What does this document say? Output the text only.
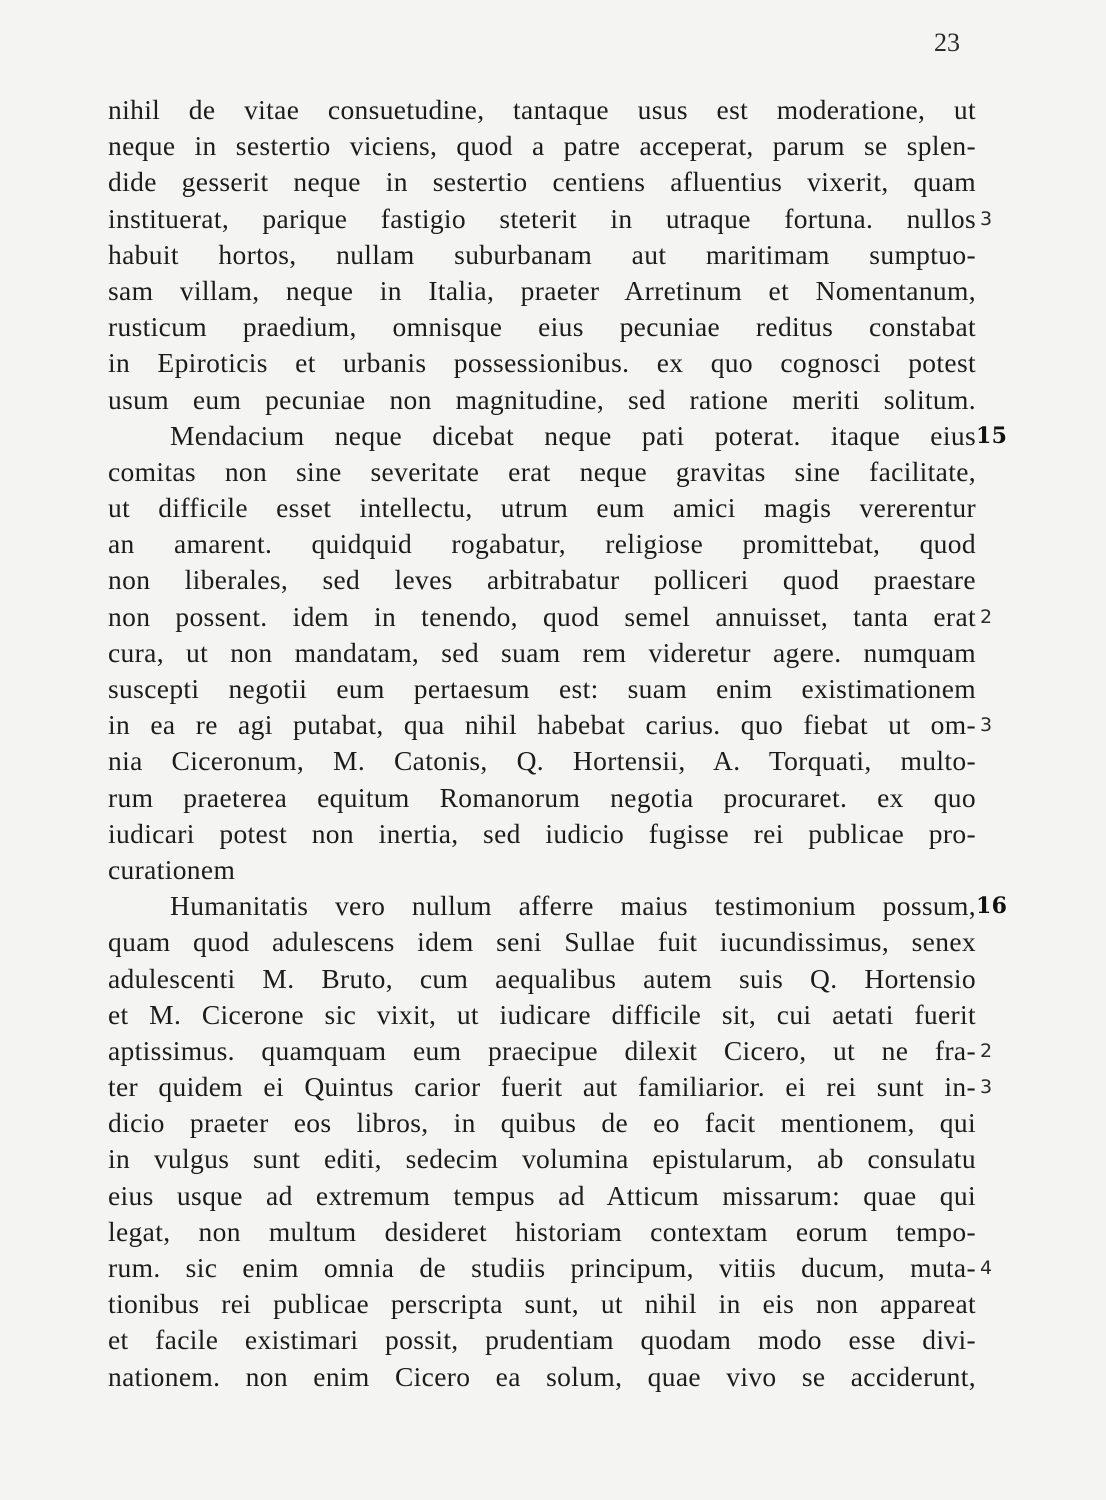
23
nihil de vitae consuetudine, tantaque usus est moderatione, ut
neque in sestertio viciens, quod a patre acceperat, parum se splen-
dide gesserit neque in sestertio centiens afluentius vixerit, quam
instituerat, parique fastigio steterit in utraque fortuna. nullos 3
habuit hortos, nullam suburbanam aut maritimam sumptuo-
sam villam, neque in Italia, praeter Arretinum et Nomentanum,
rusticum praedium, omnisque eius pecuniae reditus constabat
in Epiroticis et urbanis possessionibus. ex quo cognosci potest
usum eum pecuniae non magnitudine, sed ratione meriti solitum.
Mendacium neque dicebat neque pati poterat. itaque eius 15
comitas non sine severitate erat neque gravitas sine facilitate,
ut difficile esset intellectu, utrum eum amici magis vererentur
an amarent. quidquid rogabatur, religiose promittebat, quod
non liberales, sed leves arbitrabatur polliceri quod praestare
non possent. idem in tenendo, quod semel annuisset, tanta erat 2
cura, ut non mandatam, sed suam rem videretur agere. numquam
suscepti negotii eum pertaesum est: suam enim existimationem
in ea re agi putabat, qua nihil habebat carius. quo fiebat ut om- 3
nia Ciceronum, M. Catonis, Q. Hortensii, A. Torquati, multo-
rum praeterea equitum Romanorum negotia procuraret. ex quo
iudicari potest non inertia, sed iudicio fugisse rei publicae pro-
curationem
Humanitatis vero nullum afferre maius testimonium possum, 16
quam quod adulescens idem seni Sullae fuit iucundissimus, senex
adulescenti M. Bruto, cum aequalibus autem suis Q. Hortensio
et M. Cicerone sic vixit, ut iudicare difficile sit, cui aetati fuerit
aptissimus. quamquam eum praecipue dilexit Cicero, ut ne fra- 2
ter quidem ei Quintus carior fuerit aut familiarior. ei rei sunt in- 3
dicio praeter eos libros, in quibus de eo facit mentionem, qui
in vulgus sunt editi, sedecim volumina epistularum, ab consulatu
eius usque ad extremum tempus ad Atticum missarum: quae qui
legat, non multum desideret historiam contextam eorum tempo-
rum. sic enim omnia de studiis principum, vitiis ducum, muta- 4
tionibus rei publicae perscripta sunt, ut nihil in eis non appareat
et facile existimari possit, prudentiam quodam modo esse divi-
nationem. non enim Cicero ea solum, quae vivo se acciderunt,
